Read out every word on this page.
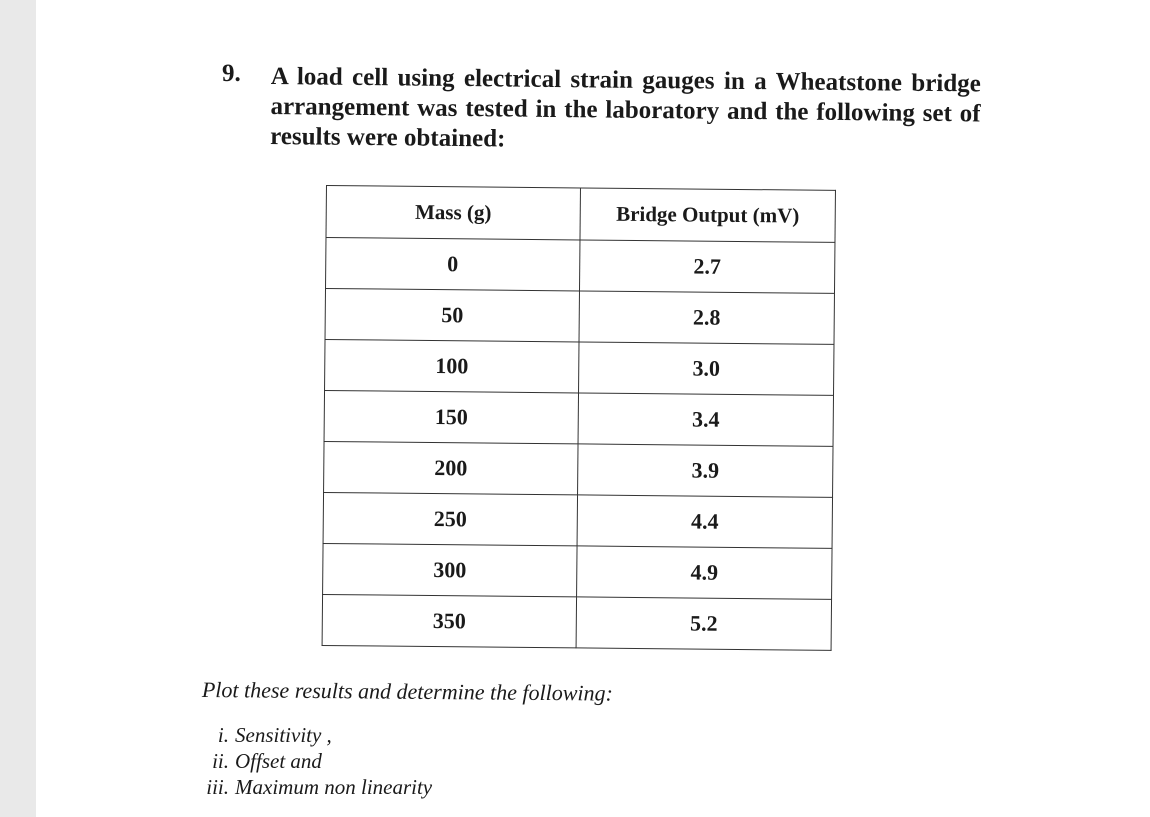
9. A load cell using electrical strain gauges in a Wheatstone bridge arrangement was tested in the laboratory and the following set of results were obtained:
Mass (g)	Bridge Output (mV)
0	2.7
50	2.8
100	3.0
150	3.4
200	3.9
250	4.4
300	4.9
350	5.2
Plot these results and determine the following:
i. Sensitivity ,
ii. Offset and
iii. Maximum non linearity
